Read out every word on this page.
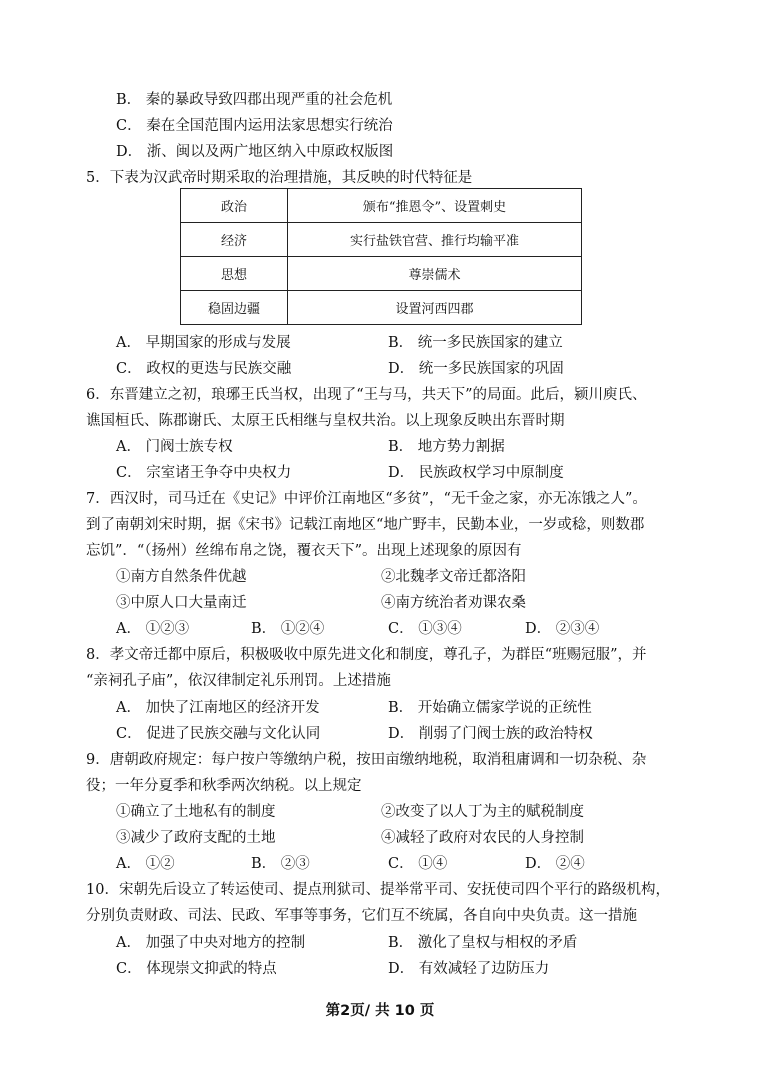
B． 秦的暴政导致四郡出现严重的社会危机
C． 秦在全国范围内运用法家思想实行统治
D． 浙、闽以及两广地区纳入中原政权版图
5．下表为汉武帝时期采取的治理措施，其反映的时代特征是
政治	颁布“推恩令”、设置刺史
经济	实行盐铁官营、推行均输平准
思想	尊崇儒术
稳固边疆	设置河西四郡
A． 早期国家的形成与发展	B． 统一多民族国家的建立
C． 政权的更迭与民族交融	D． 统一多民族国家的巩固
6．东晋建立之初，琅琊王氏当权，出现了“王与马，共天下”的局面。此后，颍川庾氏、
谯国桓氏、陈郡谢氏、太原王氏相继与皇权共治。以上现象反映出东晋时期
A． 门阀士族专权	B． 地方势力割据
C． 宗室诸王争夺中央权力	D． 民族政权学习中原制度
7．西汉时，司马迁在《史记》中评价江南地区“多贫”，“无千金之家，亦无冻饿之人”。
到了南朝刘宋时期，据《宋书》记载江南地区“地广野丰，民勤本业，一岁或稔，则数郡
忘饥”．“（扬州）丝绵布帛之饶，覆衣天下”。出现上述现象的原因有
①南方自然条件优越	②北魏孝文帝迁都洛阳
③中原人口大量南迁	④南方统治者劝课农桑
A． ①②③	B． ①②④	C． ①③④	D． ②③④
8．孝文帝迁都中原后，积极吸收中原先进文化和制度，尊孔子，为群臣“班赐冠服”，并
“亲祠孔子庙”，依汉律制定礼乐刑罚。上述措施
A． 加快了江南地区的经济开发	B． 开始确立儒家学说的正统性
C． 促进了民族交融与文化认同	D． 削弱了门阀士族的政治特权
9．唐朝政府规定：每户按户等缴纳户税，按田亩缴纳地税，取消租庸调和一切杂税、杂
役；一年分夏季和秋季两次纳税。以上规定
①确立了土地私有的制度	②改变了以人丁为主的赋税制度
③减少了政府支配的土地	④减轻了政府对农民的人身控制
A． ①②	B． ②③	C． ①④	D． ②④
10．宋朝先后设立了转运使司、提点刑狱司、提举常平司、安抚使司四个平行的路级机构，
分别负责财政、司法、民政、军事等事务，它们互不统属，各自向中央负责。这一措施
A． 加强了中央对地方的控制	B． 激化了皇权与相权的矛盾
C． 体现崇文抑武的特点	D． 有效减轻了边防压力
第2页/ 共 10 页
